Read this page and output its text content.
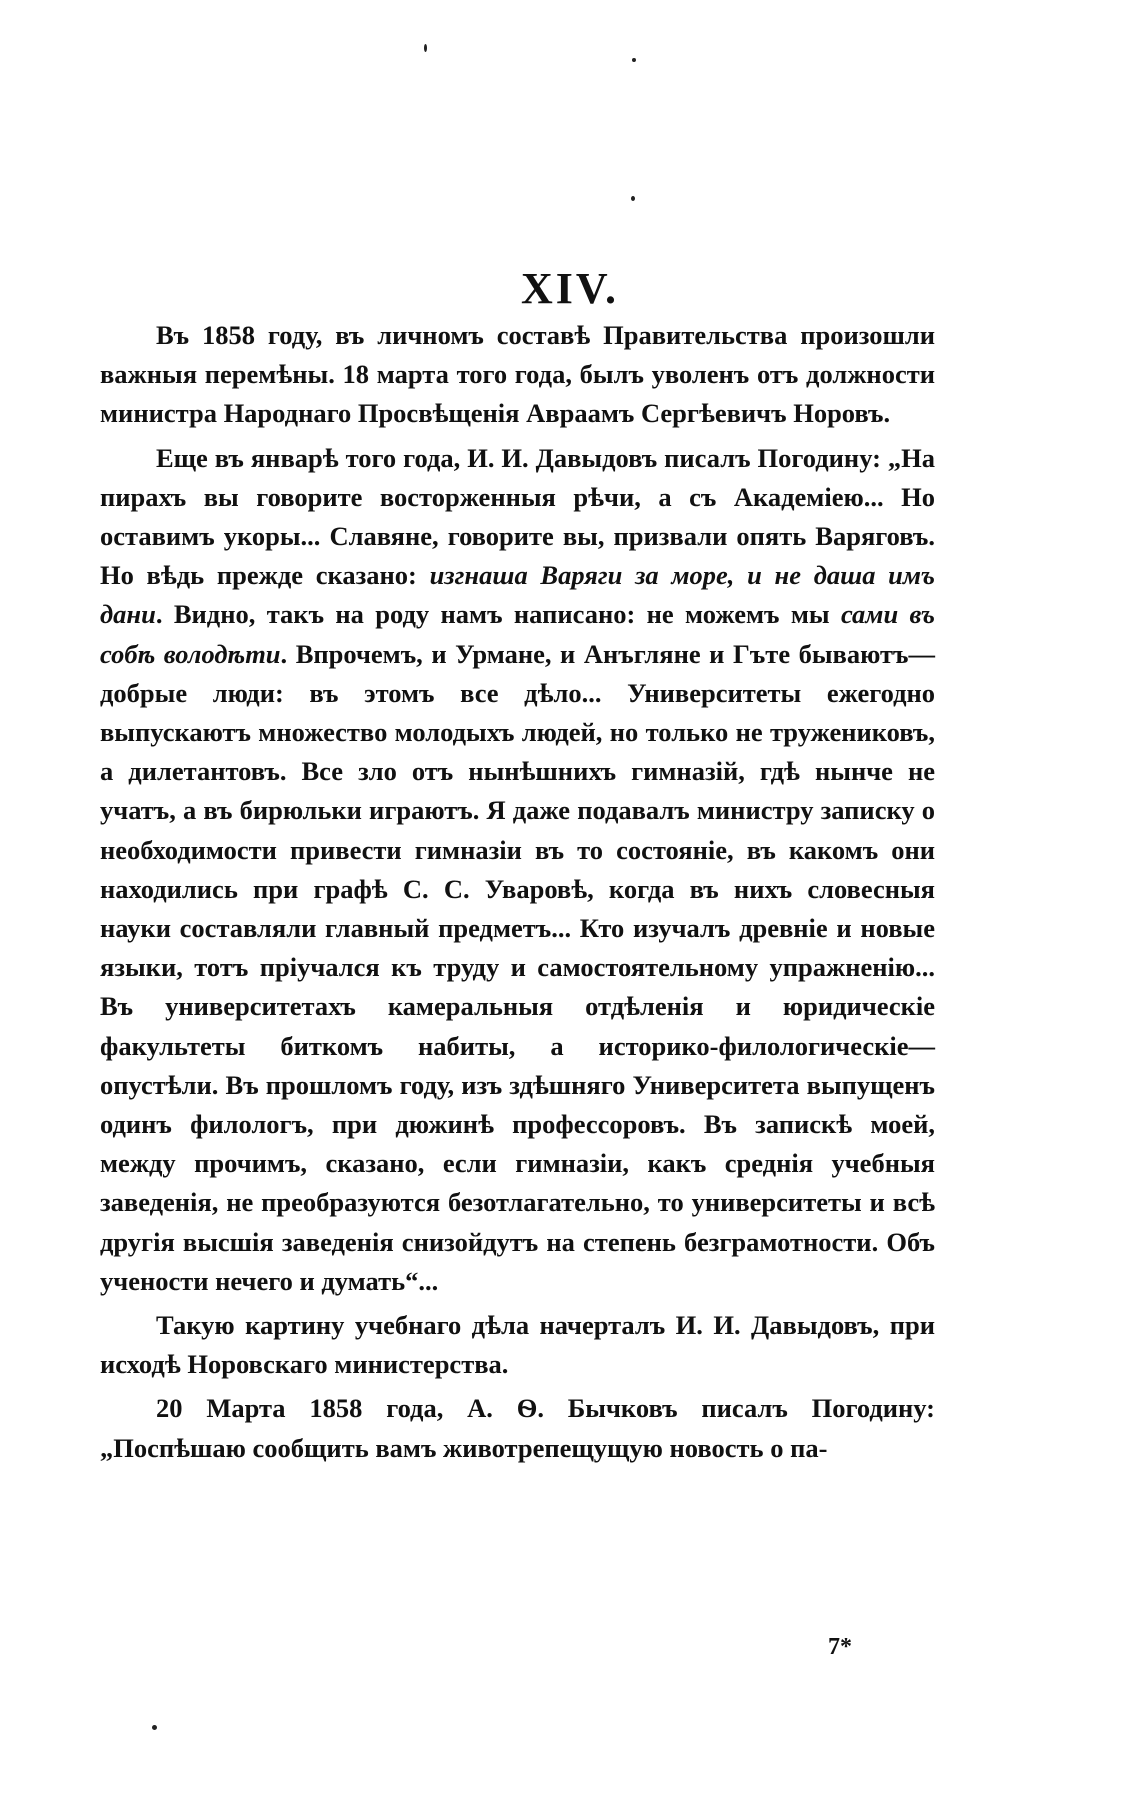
XIV.

Въ 1858 году, въ личномъ составѣ Правительства произошли важныя перемѣны. 18 марта того года, былъ уволенъ отъ должности министра Народнаго Просвѣщенія Авраамъ Сергѣевичъ Норовъ.

Еще въ январѣ того года, И. И. Давыдовъ писалъ Погодину: „На пирахъ вы говорите восторженныя рѣчи, а съ Академіею... Но оставимъ укоры... Славяне, говорите вы, призвали опять Варяговъ. Но вѣдь прежде сказано: изгнаша Варяги за море, и не даша имъ дани. Видно, такъ на роду намъ написано: не можемъ мы сами въ собѣ володѣти. Впрочемъ, и Урмане, и Анъгляне и Гъте бываютъ—добрые люди: въ этомъ все дѣло... Университеты ежегодно выпускаютъ множество молодыхъ людей, но только не тружениковъ, а дилетантовъ. Все зло отъ нынѣшнихъ гимназій, гдѣ нынче не учатъ, а въ бирюльки играютъ. Я даже подавалъ министру записку о необходимости привести гимназіи въ то состояніе, въ какомъ они находились при графѣ С. С. Уваровѣ, когда въ нихъ словесныя науки составляли главный предметъ... Кто изучалъ древніе и новые языки, тотъ пріучался къ труду и самостоятельному упражненію... Въ университетахъ камеральныя отдѣленія и юридическіе факультеты биткомъ набиты, а историко-филологическіе—опустѣли. Въ прошломъ году, изъ здѣшняго Университета выпущенъ одинъ филологъ, при дюжинѣ профессоровъ. Въ запискѣ моей, между прочимъ, сказано, если гимназіи, какъ среднія учебныя заведенія, не преобразуются безотлагательно, то университеты и всѣ другія высшія заведенія снизойдутъ на степень безграмотности. Объ учености нечего и думать“...

Такую картину учебнаго дѣла начерталъ И. И. Давыдовъ, при исходѣ Норовскаго министерства.

20 Марта 1858 года, А. Ѳ. Бычковъ писалъ Погодину: „Поспѣшаю сообщить вамъ животрепещущую новость о па-

7*
